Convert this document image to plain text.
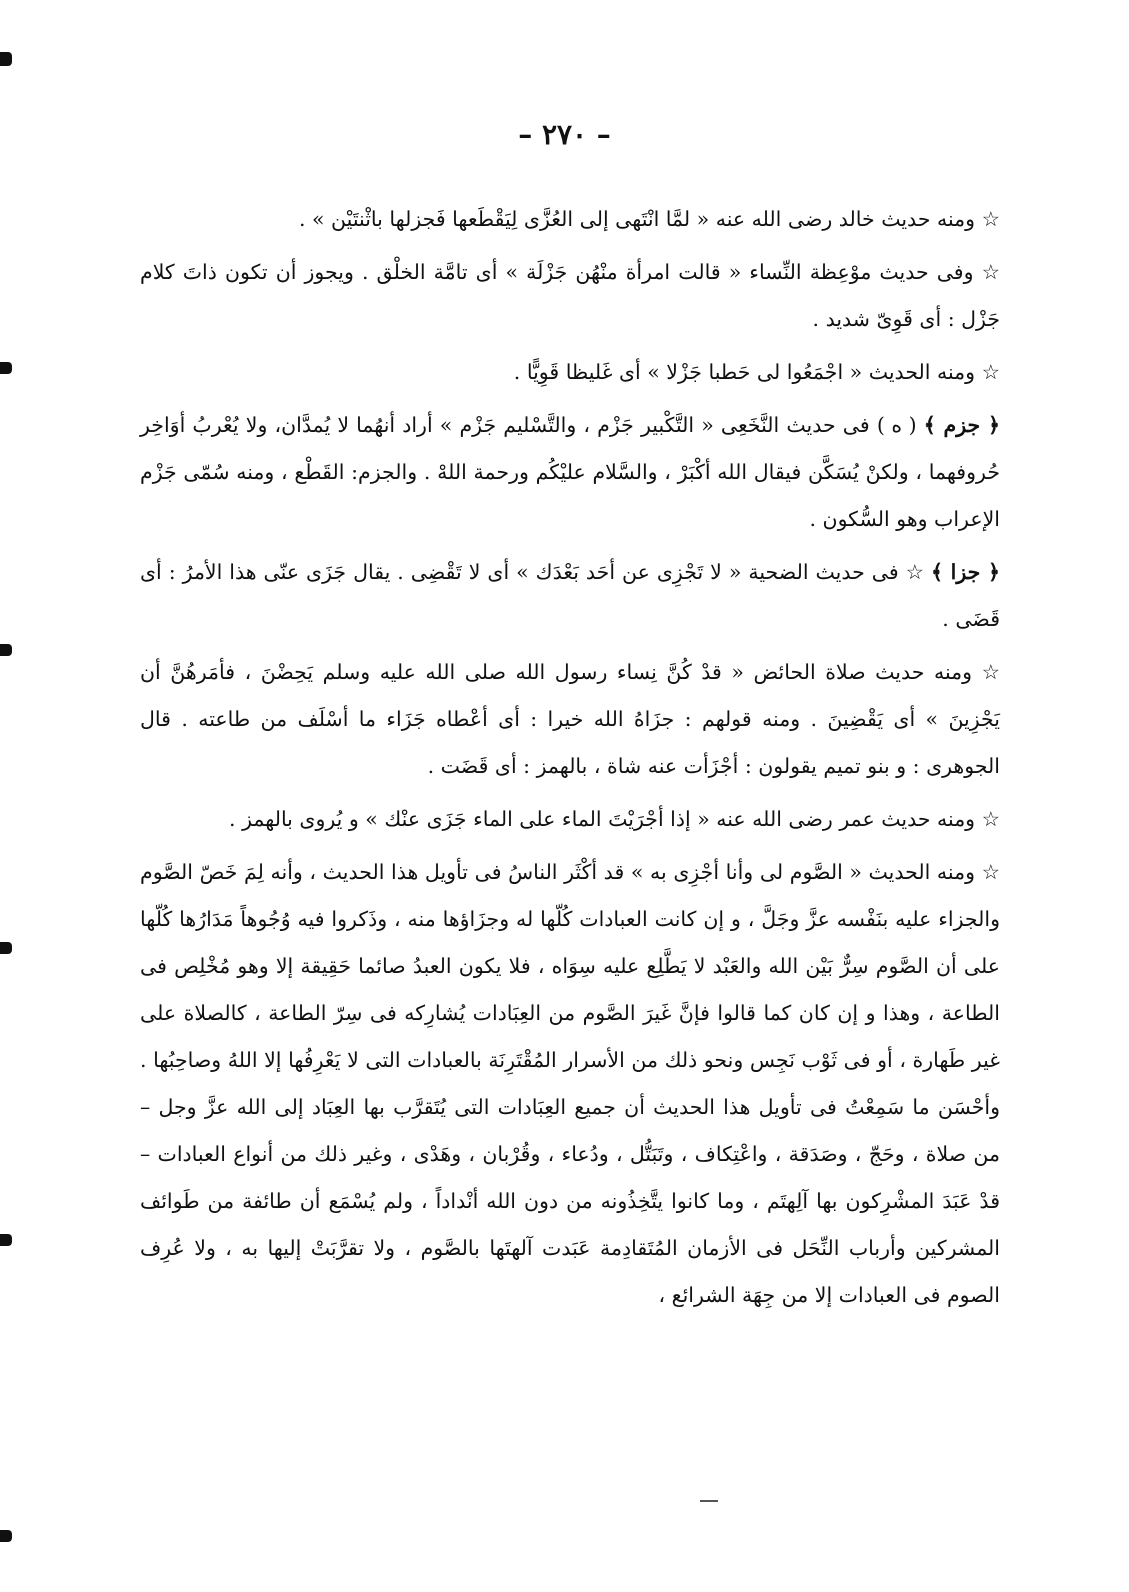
– ٢٧٠ –

☆ ومنه حديث خالد رضى الله عنه « لمَّا انْتَهى إلى العُزَّى لِيَقْطَعها فَجزلها باثْنتَيْن » .

☆ وفى حديث موْعِظة النِّساء « قالت امرأة منْهُن جَزْلَة » أى تامَّة الخلْق . ويجوز أن تكون ذاتَ كلام جَزْل : أى قَوِىّ شديد .

☆ ومنه الحديث « اجْمَعُوا لى حَطبا جَزْلا » أى غَليظا قَوِيًّا .

﴿ جزم ﴾ ( ه ) فى حديث النَّخَعِى « التَّكْبير جَزْم ، والتَّسْليم جَزْم » أراد أنهُما لا يُمدَّان، ولا يُعْربُ أوَاخِر حُروفهما ، ولكنْ يُسَكَّن فيقال الله أكْبَرْ ، والسَّلام عليْكُم ورحمة اللهْ . والجزم: القَطْع ، ومنه سُمّى جَزْم الإعراب وهو السُّكون .

﴿ جزا ﴾ ☆ فى حديث الضحية « لا تَجْزِى عن أحَد بَعْدَك » أى لا تَقْضِى . يقال جَزَى عنّى هذا الأمرُ : أى قَضَى .

☆ ومنه حديث صلاة الحائض « قدْ كُنَّ نِساء رسول الله صلى الله عليه وسلم يَحِضْنَ ، فأمَرهُنَّ أن يَجْزِينَ » أى يَقْضِينَ . ومنه قولهم : جزَاهُ الله خيرا : أى أعْطاه جَزَاء ما أسْلَف من طاعته . قال الجوهرى : و بنو تميم يقولون : أجْزَأت عنه شاة ، بالهمز : أى قَضَت .

☆ ومنه حديث عمر رضى الله عنه « إذا أجْرَيْتَ الماء على الماء جَزَى عنْك » و يُروى بالهمز .

☆ ومنه الحديث « الصَّوم لى وأنا أجْزِى به » قد أكْثَر الناسُ فى تأويل هذا الحديث ، وأنه لِمَ خَصّ الصَّوم والجزاء عليه بنَفْسه عزَّ وجَلَّ ، و إن كانت العبادات كُلّها له وجزَاؤها منه ، وذَكروا فيه وُجُوهاً مَدَارُها كُلّها على أن الصَّوم سِرٌّ بَيْن الله والعَبْد لا يَطَّلِع عليه سِوَاه ، فلا يكون العبدُ صائما حَقِيقة إلا وهو مُخْلِص فى الطاعة ، وهذا و إن كان كما قالوا فإنَّ غَيرَ الصَّوم من العِبَادات يُشارِكه فى سِرّ الطاعة ، كالصلاة على غير طَهارة ، أو فى ثَوْب نَجِس ونحو ذلك من الأسرار المُقْتَرِنَة بالعبادات التى لا يَعْرِفُها إلا اللهُ وصاحِبُها . وأحْسَن ما سَمِعْتُ فى تأويل هذا الحديث أن جميع العِبَادات التى يُتَقرَّب بها العِبَاد إلى الله عزَّ وجل – من صلاة ، وحَجّ ، وصَدَقة ، واعْتِكاف ، وتَبَتُّل ، ودُعاء ، وقُرْبان ، وهَدْى ، وغير ذلك من أنواع العبادات – قدْ عَبَدَ المشْرِكون بها آلِهتَم ، وما كانوا يتَّخِذُونه من دون الله أنْداداً ، ولم يُسْمَع أن طائفة من طَوائف المشركين وأرباب النِّحَل فى الأزمان المُتَقادِمة عَبَدت آلهتَها بالصَّوم ، ولا تقرَّبَتْ إليها به ، ولا عُرِف الصوم فى العبادات إلا من جِهَة الشرائع ،
